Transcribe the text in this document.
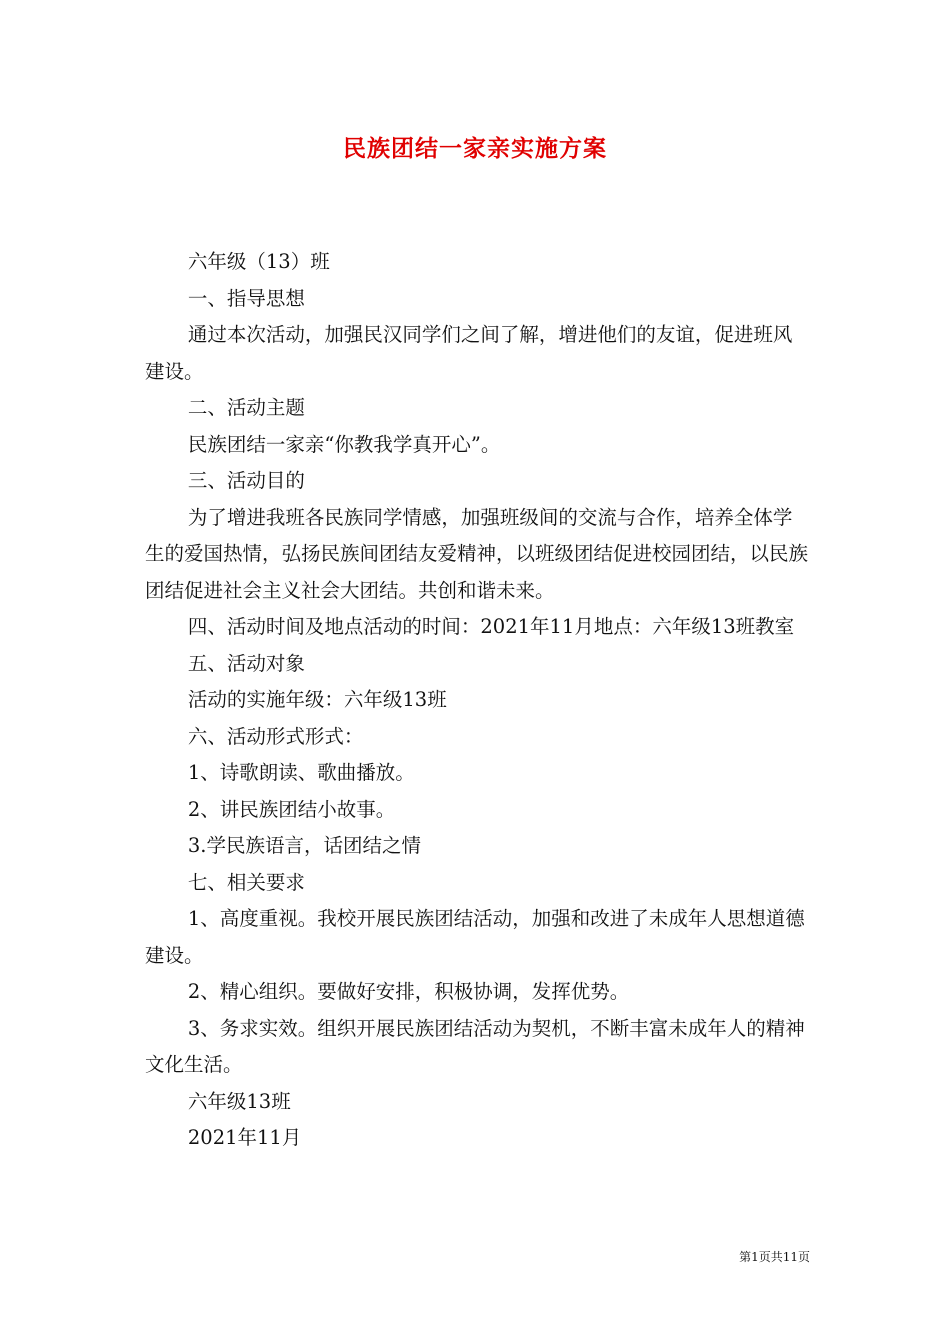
民族团结一家亲实施方案

六年级（13）班

一、指导思想

通过本次活动，加强民汉同学们之间了解，增进他们的友谊，促进班风建设。

二、活动主题

民族团结一家亲“你教我学真开心”。

三、活动目的

为了增进我班各民族同学情感，加强班级间的交流与合作，培养全体学生的爱国热情，弘扬民族间团结友爱精神，以班级团结促进校园团结，以民族团结促进社会主义社会大团结。共创和谐未来。

四、活动时间及地点活动的时间：2021年11月地点：六年级13班教室

五、活动对象

活动的实施年级：六年级13班

六、活动形式形式：

1、诗歌朗读、歌曲播放。

2、讲民族团结小故事。

3.学民族语言，话团结之情

七、相关要求

1、高度重视。我校开展民族团结活动，加强和改进了未成年人思想道德建设。

2、精心组织。要做好安排，积极协调，发挥优势。

3、务求实效。组织开展民族团结活动为契机，不断丰富未成年人的精神文化生活。

六年级13班

2021年11月

第1页共11页
